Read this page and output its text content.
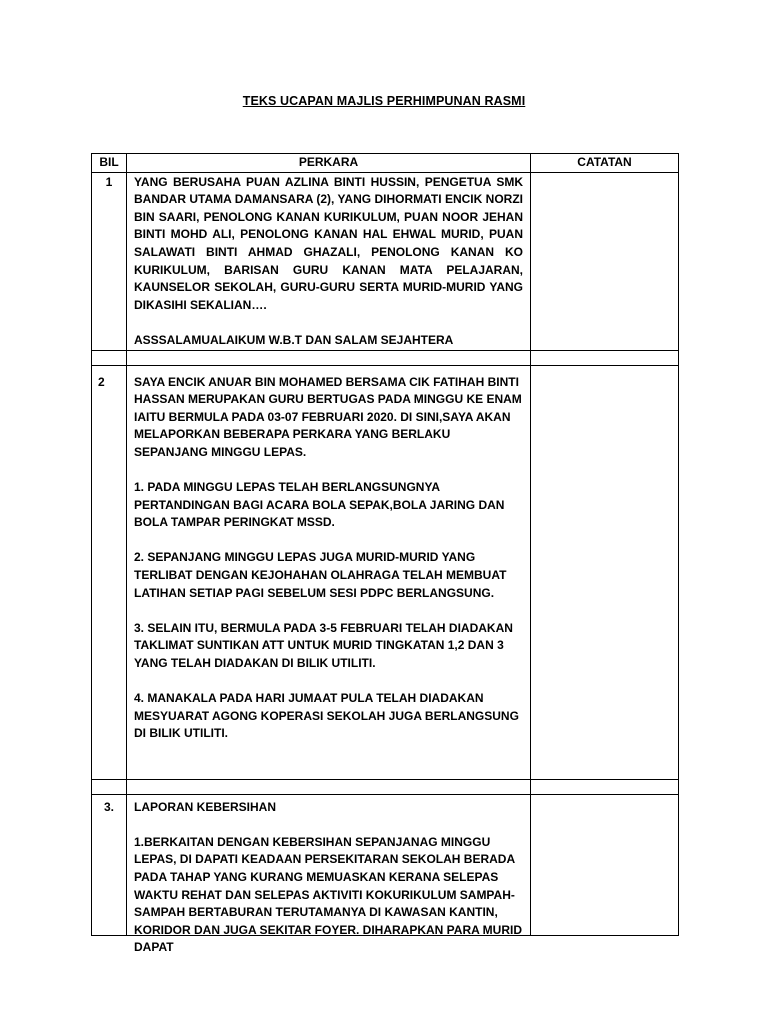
TEKS UCAPAN MAJLIS PERHIMPUNAN RASMI
BIL	PERKARA	CATATAN
1	YANG BERUSAHA PUAN AZLINA BINTI HUSSIN, PENGETUA SMK BANDAR UTAMA DAMANSARA (2), YANG DIHORMATI ENCIK NORZI BIN SAARI, PENOLONG KANAN KURIKULUM, PUAN NOOR JEHAN BINTI MOHD ALI, PENOLONG KANAN HAL EHWAL MURID, PUAN SALAWATI BINTI AHMAD GHAZALI, PENOLONG KANAN KO KURIKULUM, BARISAN GURU KANAN MATA PELAJARAN, KAUNSELOR SEKOLAH, GURU-GURU SERTA MURID-MURID YANG DIKASIHI SEKALIAN….

ASSSALAMUALAIKUM W.B.T DAN SALAM SEJAHTERA	

2	SAYA ENCIK ANUAR BIN MOHAMED BERSAMA CIK FATIHAH BINTI HASSAN MERUPAKAN GURU BERTUGAS PADA MINGGU KE ENAM IAITU BERMULA PADA 03-07 FEBRUARI 2020. DI SINI,SAYA AKAN MELAPORKAN BEBERAPA PERKARA YANG BERLAKU SEPANJANG MINGGU LEPAS.

1. PADA MINGGU LEPAS TELAH BERLANGSUNGNYA PERTANDINGAN BAGI ACARA BOLA SEPAK,BOLA JARING DAN BOLA TAMPAR PERINGKAT MSSD.

2. SEPANJANG MINGGU LEPAS JUGA MURID-MURID YANG TERLIBAT DENGAN KEJOHAHAN OLAHRAGA TELAH MEMBUAT LATIHAN SETIAP PAGI SEBELUM SESI PDPC BERLANGSUNG.

3. SELAIN ITU, BERMULA PADA 3-5 FEBRUARI TELAH DIADAKAN TAKLIMAT SUNTIKAN ATT UNTUK MURID TINGKATAN 1,2 DAN 3 YANG TELAH DIADAKAN DI BILIK UTILITI.

4. MANAKALA PADA HARI JUMAAT PULA TELAH DIADAKAN MESYUARAT AGONG KOPERASI SEKOLAH JUGA BERLANGSUNG DI BILIK UTILITI.	

3.	LAPORAN KEBERSIHAN

1.BERKAITAN DENGAN KEBERSIHAN SEPANJANAG MINGGU LEPAS, DI DAPATI KEADAAN PERSEKITARAN SEKOLAH BERADA PADA TAHAP YANG KURANG MEMUASKAN KERANA SELEPAS WAKTU REHAT DAN SELEPAS AKTIVITI KOKURIKULUM SAMPAH-SAMPAH BERTABURAN TERUTAMANYA DI KAWASAN KANTIN, KORIDOR DAN JUGA SEKITAR FOYER. DIHARAPKAN PARA MURID DAPAT	
